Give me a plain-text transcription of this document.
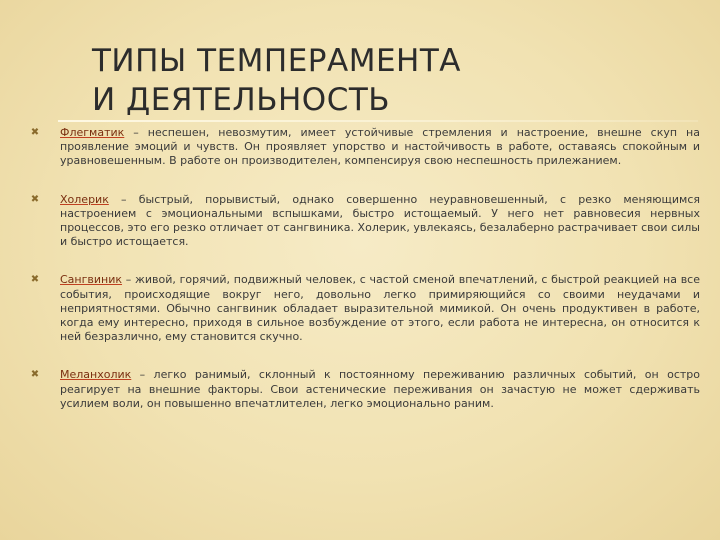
ТИПЫ ТЕМПЕРАМЕНТА
И ДЕЯТЕЛЬНОСТЬ
✖ Флегматик – неспешен, невозмутим, имеет устойчивые стремления и настроение, внешне скуп на проявление эмоций и чувств. Он проявляет упорство и настойчивость в работе, оставаясь спокойным и уравновешенным. В работе он производителен, компенсируя свою неспешность прилежанием.
✖ Холерик – быстрый, порывистый, однако совершенно неуравновешенный, с резко меняющимся настроением с эмоциональными вспышками, быстро истощаемый. У него нет равновесия нервных процессов, это его резко отличает от сангвиника. Холерик, увлекаясь, безалаберно растрачивает свои силы и быстро истощается.
✖ Сангвиник – живой, горячий, подвижный человек, с частой сменой впечатлений, с быстрой реакцией на все события, происходящие вокруг него, довольно легко примиряющийся со своими неудачами и неприятностями. Обычно сангвиник обладает выразительной мимикой. Он очень продуктивен в работе, когда ему интересно, приходя в сильное возбуждение от этого, если работа не интересна, он относится к ней безразлично, ему становится скучно.
✖ Меланхолик – легко ранимый, склонный к постоянному переживанию различных событий, он остро реагирует на внешние факторы. Свои астенические переживания он зачастую не может сдерживать усилием воли, он повышенно впечатлителен, легко эмоционально раним.
